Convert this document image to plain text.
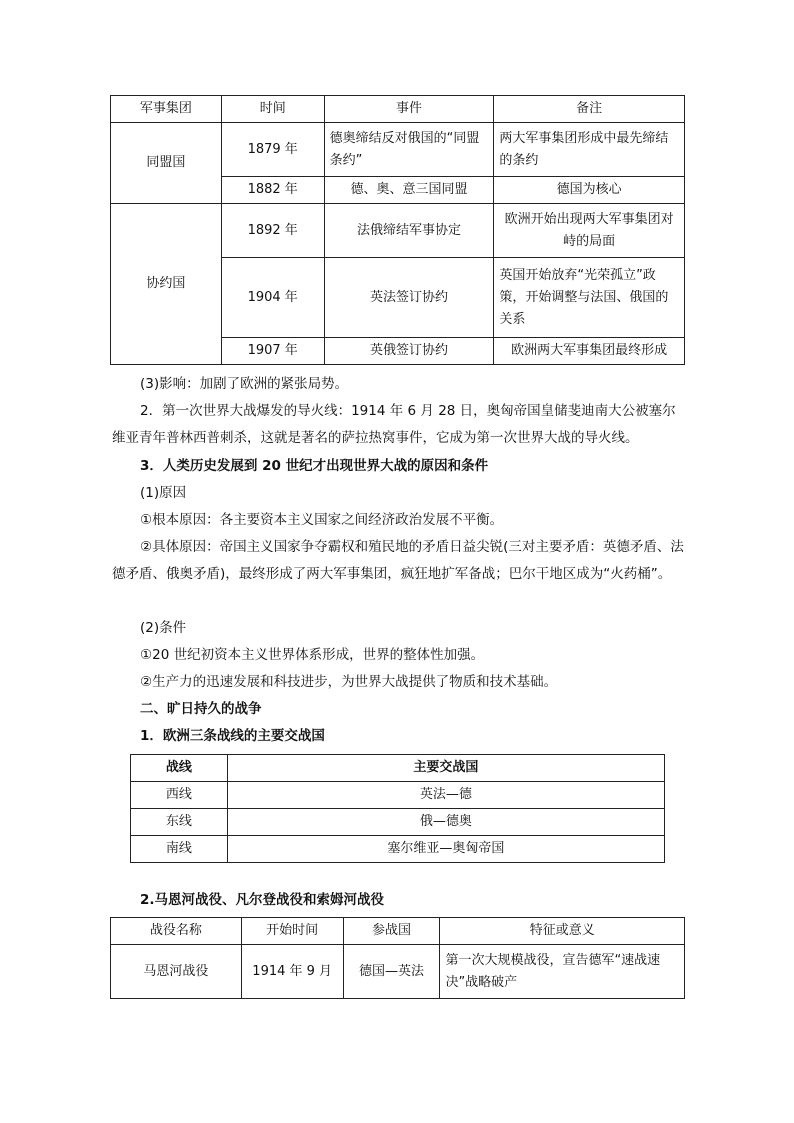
军事集团	时间	事件	备注
同盟国	1879 年	德奥缔结反对俄国的“同盟条约”	两大军事集团形成中最先缔结的条约
	1882 年	德、奥、意三国同盟	德国为核心
协约国	1892 年	法俄缔结军事协定	欧洲开始出现两大军事集团对峙的局面
	1904 年	英法签订协约	英国开始放弃“光荣孤立”政策，开始调整与法国、俄国的关系
	1907 年	英俄签订协约	欧洲两大军事集团最终形成
(3)影响：加剧了欧洲的紧张局势。
2．第一次世界大战爆发的导火线：1914 年 6 月 28 日，奥匈帝国皇储斐迪南大公被塞尔维亚青年普林西普刺杀，这就是著名的萨拉热窝事件，它成为第一次世界大战的导火线。
3．人类历史发展到 20 世纪才出现世界大战的原因和条件
(1)原因
①根本原因：各主要资本主义国家之间经济政治发展不平衡。
②具体原因：帝国主义国家争夺霸权和殖民地的矛盾日益尖锐(三对主要矛盾：英德矛盾、法德矛盾、俄奥矛盾)，最终形成了两大军事集团，疯狂地扩军备战；巴尔干地区成为“火药桶”。
(2)条件
①20 世纪初资本主义世界体系形成，世界的整体性加强。
②生产力的迅速发展和科技进步，为世界大战提供了物质和技术基础。
二、旷日持久的战争
1．欧洲三条战线的主要交战国
战线	主要交战国
西线	英法—德
东线	俄—德奥
南线	塞尔维亚—奥匈帝国
2.马恩河战役、凡尔登战役和索姆河战役
战役名称	开始时间	参战国	特征或意义
马恩河战役	1914 年 9 月	德国—英法	第一次大规模战役，宣告德军“速战速决”战略破产
